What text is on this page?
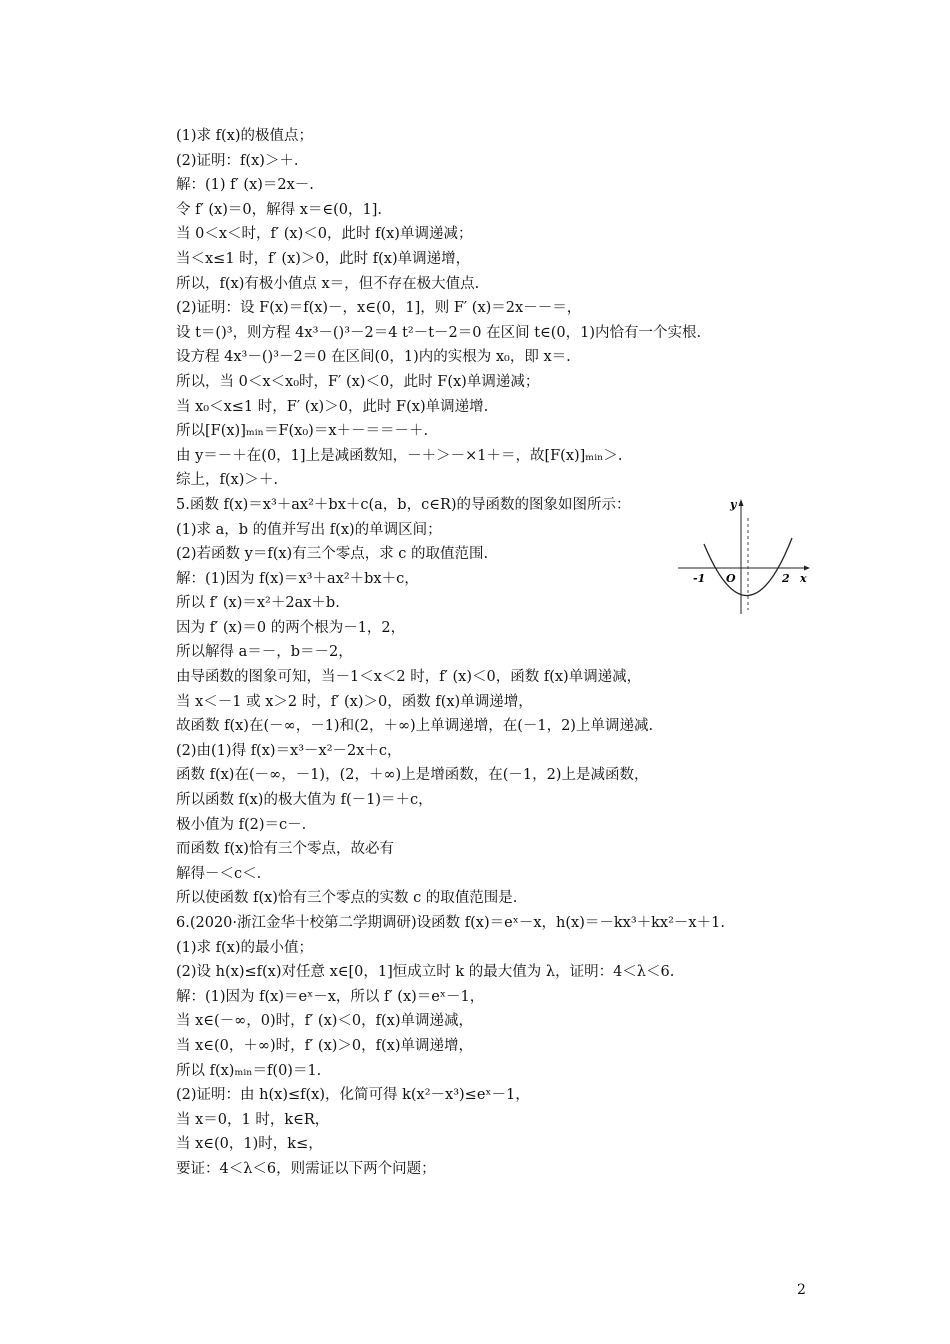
(1)求 f(x)的极值点；
(2)证明：f(x)＞＋.
解：(1) f′ (x)＝2x－.
令 f′ (x)＝0，解得 x＝∈(0，1].
当 0＜x＜时，f′ (x)＜0，此时 f(x)单调递减；
当＜x≤1 时，f′ (x)＞0，此时 f(x)单调递增，
所以，f(x)有极小值点 x＝，但不存在极大值点.
(2)证明：设 F(x)＝f(x)－，x∈(0，1]，则 F′ (x)＝2x－－＝，
设 t＝()³，则方程 4x³－()³－2＝4 t²－t－2＝0 在区间 t∈(0，1)内恰有一个实根.
设方程 4x³－()³－2＝0 在区间(0，1)内的实根为 x₀，即 x＝.
所以，当 0＜x＜x₀时，F′ (x)＜0，此时 F(x)单调递减；
当 x₀＜x≤1 时，F′ (x)＞0，此时 F(x)单调递增.
所以[F(x)]ₘᵢₙ＝F(x₀)＝x＋－＝＝－＋.
由 y＝－＋在(0，1]上是减函数知，－＋＞－×1＋＝，故[F(x)]ₘᵢₙ＞.
综上，f(x)＞＋.
5.函数 f(x)＝x³＋ax²＋bx＋c(a，b，c∈R)的导函数的图象如图所示：
(1)求 a，b 的值并写出 f(x)的单调区间；
(2)若函数 y＝f(x)有三个零点，求 c 的取值范围.
解：(1)因为 f(x)＝x³＋ax²＋bx＋c，
所以 f′ (x)＝x²＋2ax＋b.
因为 f′ (x)＝0 的两个根为－1，2，
所以解得 a＝－，b＝－2，
由导函数的图象可知，当－1＜x＜2 时，f′ (x)＜0，函数 f(x)单调递减，
当 x＜－1 或 x＞2 时，f′ (x)＞0，函数 f(x)单调递增，
故函数 f(x)在(－∞，－1)和(2，＋∞)上单调递增，在(－1，2)上单调递减.
(2)由(1)得 f(x)＝x³－x²－2x＋c，
函数 f(x)在(－∞，－1)，(2，＋∞)上是增函数，在(－1，2)上是减函数，
所以函数 f(x)的极大值为 f(－1)＝＋c，
极小值为 f(2)＝c－.
而函数 f(x)恰有三个零点，故必有
解得－＜c＜.
所以使函数 f(x)恰有三个零点的实数 c 的取值范围是.
6.(2020·浙江金华十校第二学期调研)设函数 f(x)＝eˣ－x，h(x)＝－kx³＋kx²－x＋1.
(1)求 f(x)的最小值；
(2)设 h(x)≤f(x)对任意 x∈[0，1]恒成立时 k 的最大值为 λ，证明：4＜λ＜6.
解：(1)因为 f(x)＝eˣ－x，所以 f′ (x)＝eˣ－1，
当 x∈(－∞，0)时，f′ (x)＜0，f(x)单调递减，
当 x∈(0，＋∞)时，f′ (x)＞0，f(x)单调递增，
所以 f(x)ₘᵢₙ＝f(0)＝1.
(2)证明：由 h(x)≤f(x)，化简可得 k(x²－x³)≤eˣ－1，
当 x＝0，1 时，k∈R，
当 x∈(0，1)时，k≤，
要证：4＜λ＜6，则需证以下两个问题；
y
x
O
-1	2
2
